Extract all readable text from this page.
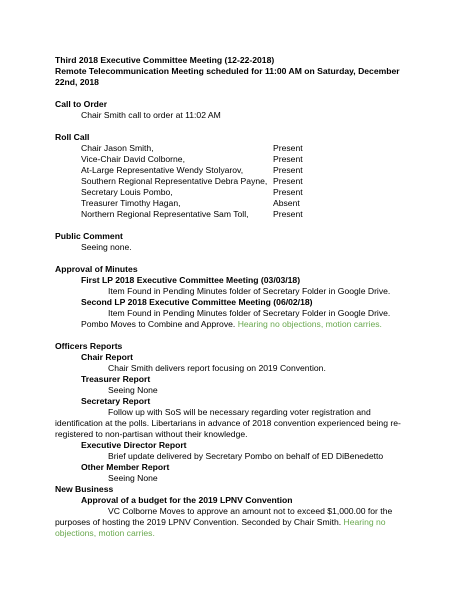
Third 2018 Executive Committee Meeting (12-22-2018)
Remote Telecommunication Meeting scheduled for 11:00 AM on Saturday, December
22nd, 2018
Call to Order
Chair Smith call to order at 11:02 AM
Roll Call
Chair Jason Smith,	Present
Vice-Chair David Colborne,	Present
At-Large Representative Wendy Stolyarov,	Present
Southern Regional Representative Debra Payne, Present
Secretary Louis Pombo,	Present
Treasurer Timothy Hagan,	Absent
Northern Regional Representative Sam Toll,	Present
Public Comment
Seeing none.
Approval of Minutes
First LP 2018 Executive Committee Meeting (03/03/18)
Item Found in Pending Minutes folder of Secretary Folder in Google Drive.
Second LP 2018 Executive Committee Meeting (06/02/18)
Item Found in Pending Minutes folder of Secretary Folder in Google Drive.
Pombo Moves to Combine and Approve. Hearing no objections, motion carries.
Officers Reports
Chair Report
Chair Smith delivers report focusing on 2019 Convention.
Treasurer Report
Seeing None
Secretary Report
Follow up with SoS will be necessary regarding voter registration and
identification at the polls. Libertarians in advance of 2018 convention experienced being re-
registered to non-partisan without their knowledge.
Executive Director Report
Brief update delivered by Secretary Pombo on behalf of ED DiBenedetto
Other Member Report
Seeing None
New Business
Approval of a budget for the 2019 LPNV Convention
VC Colborne Moves to approve an amount not to exceed $1,000.00 for the
purposes of hosting the 2019 LPNV Convention. Seconded by Chair Smith. Hearing no
objections, motion carries.
